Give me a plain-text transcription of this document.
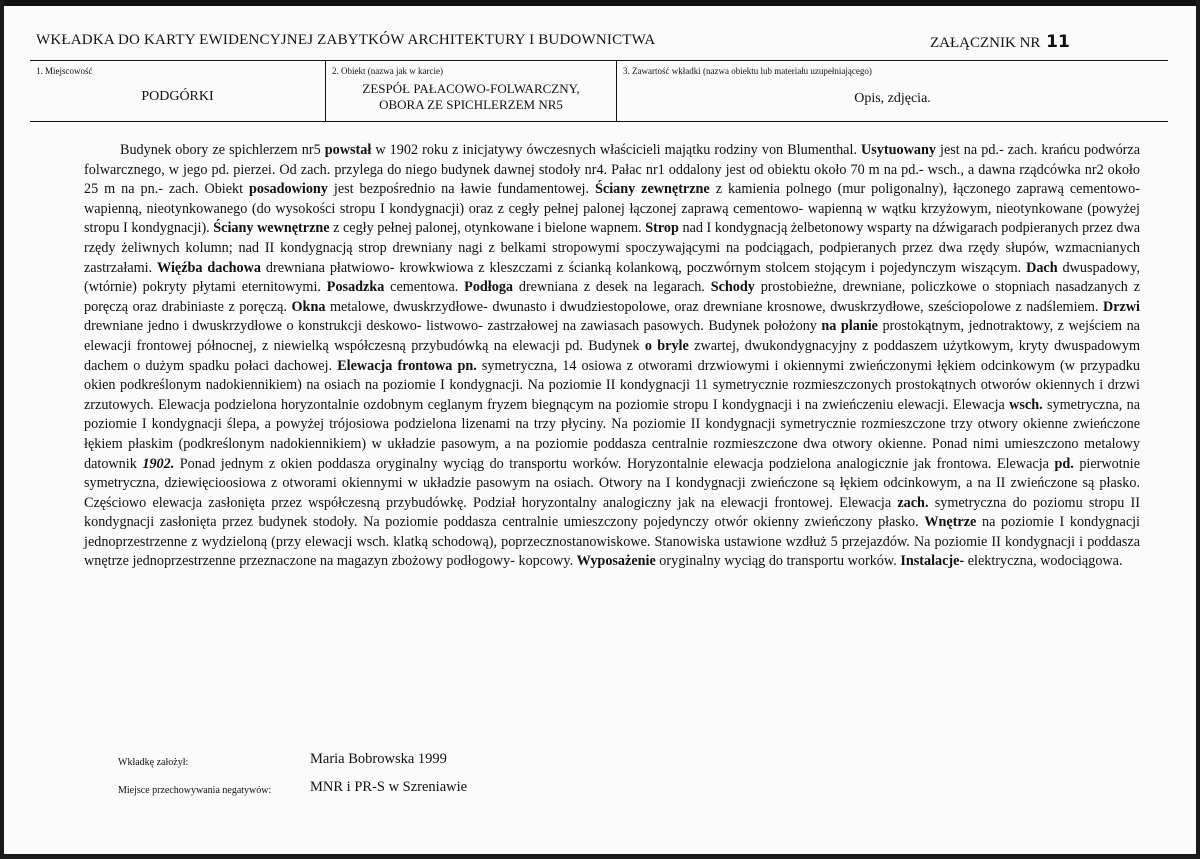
WKŁADKA DO KARTY EWIDENCYJNEJ ZABYTKÓW ARCHITEKTURY I BUDOWNICTWA	ZAŁĄCZNIK NR 11
1. Miejscowość
PODGÓRKI
2. Obiekt (nazwa jak w karcie)
ZESPÓŁ PAŁACOWO-FOLWARCZNY,
OBORA ZE SPICHLERZEM NR5
3. Zawartość wkładki (nazwa obiektu lub materiału uzupełniającego)
Opis, zdjęcia.
Budynek obory ze spichlerzem nr5 powstał w 1902 roku z inicjatywy ówczesnych właścicieli majątku rodziny von Blumenthal. Usytuowany jest na pd.- zach. krańcu podwórza folwarcznego, w jego pd. pierzei. Od zach. przylega do niego budynek dawnej stodoły nr4. Pałac nr1 oddalony jest od obiektu około 70 m na pd.- wsch., a dawna rządcówka nr2 około 25 m na pn.- zach. Obiekt posadowiony jest bezpośrednio na ławie fundamentowej. Ściany zewnętrzne z kamienia polnego (mur poligonalny), łączonego zaprawą cementowo- wapienną, nieotynkowanego (do wysokości stropu I kondygnacji) oraz z cegły pełnej palonej łączonej zaprawą cementowo- wapienną w wątku krzyżowym, nieotynkowane (powyżej stropu I kondygnacji). Ściany wewnętrzne z cegły pełnej palonej, otynkowane i bielone wapnem. Strop nad I kondygnacją żelbetonowy wsparty na dźwigarach podpieranych przez dwa rzędy żeliwnych kolumn; nad II kondygnacją strop drewniany nagi z belkami stropowymi spoczywającymi na podciągach, podpieranych przez dwa rzędy słupów, wzmacnianych zastrzałami. Więźba dachowa drewniana płatwiowo- krowkwiowa z kleszczami z ścianką kolankową, poczwórnym stolcem stojącym i pojedynczym wiszącym. Dach dwuspadowy, (wtórnie) pokryty płytami eternitowymi. Posadzka cementowa. Podłoga drewniana z desek na legarach. Schody prostobieżne, drewniane, policzkowe o stopniach nasadzanych z poręczą oraz drabiniaste z poręczą. Okna metalowe, dwuskrzydłowe- dwunasto i dwudziestopolowe, oraz drewniane krosnowe, dwuskrzydłowe, sześciopolowe z nadślemiem. Drzwi drewniane jedno i dwuskrzydłowe o konstrukcji deskowo- listwowo- zastrzałowej na zawiasach pasowych. Budynek położony na planie prostokątnym, jednotraktowy, z wejściem na elewacji frontowej północnej, z niewielką współczesną przybudówką na elewacji pd. Budynek o bryle zwartej, dwukondygnacyjny z poddaszem użytkowym, kryty dwuspadowym dachem o dużym spadku połaci dachowej. Elewacja frontowa pn. symetryczna, 14 osiowa z otworami drzwiowymi i okiennymi zwieńczonymi łękiem odcinkowym (w przypadku okien podkreślonym nadokiennikiem) na osiach na poziomie I kondygnacji. Na poziomie II kondygnacji 11 symetrycznie rozmieszczonych prostokątnych otworów okiennych i drzwi zrzutowych. Elewacja podzielona horyzontalnie ozdobnym ceglanym fryzem biegnącym na poziomie stropu I kondygnacji i na zwieńczeniu elewacji. Elewacja wsch. symetryczna, na poziomie I kondygnacji ślepa, a powyżej trójosiowa podzielona lizenami na trzy płyciny. Na poziomie II kondygnacji symetrycznie rozmieszczone trzy otwory okienne zwieńczone łękiem płaskim (podkreślonym nadokiennikiem) w układzie pasowym, a na poziomie poddasza centralnie rozmieszczone dwa otwory okienne. Ponad nimi umieszczono metalowy datownik 1902. Ponad jednym z okien poddasza oryginalny wyciąg do transportu worków. Horyzontalnie elewacja podzielona analogicznie jak frontowa. Elewacja pd. pierwotnie symetryczna, dziewięcioosiowa z otworami okiennymi w układzie pasowym na osiach. Otwory na I kondygnacji zwieńczone są łękiem odcinkowym, a na II zwieńczone są płasko. Częściowo elewacja zasłonięta przez współczesną przybudówkę. Podział horyzontalny analogiczny jak na elewacji frontowej. Elewacja zach. symetryczna do poziomu stropu II kondygnacji zasłonięta przez budynek stodoły. Na poziomie poddasza centralnie umieszczony pojedynczy otwór okienny zwieńczony płasko. Wnętrze na poziomie I kondygnacji jednoprzestrzenne z wydzieloną (przy elewacji wsch. klatką schodową), poprzecznostanowiskowe. Stanowiska ustawione wzdłuż 5 przejazdów. Na poziomie II kondygnacji i poddasza wnętrze jednoprzestrzenne przeznaczone na magazyn zbożowy podłogowy- kopcowy. Wyposażenie oryginalny wyciąg do transportu worków. Instalacje- elektryczna, wodociągowa.
Wkładkę założył:	Maria Bobrowska 1999
Miejsce przechowywania negatywów:	MNR i PR-S w Szreniawie
